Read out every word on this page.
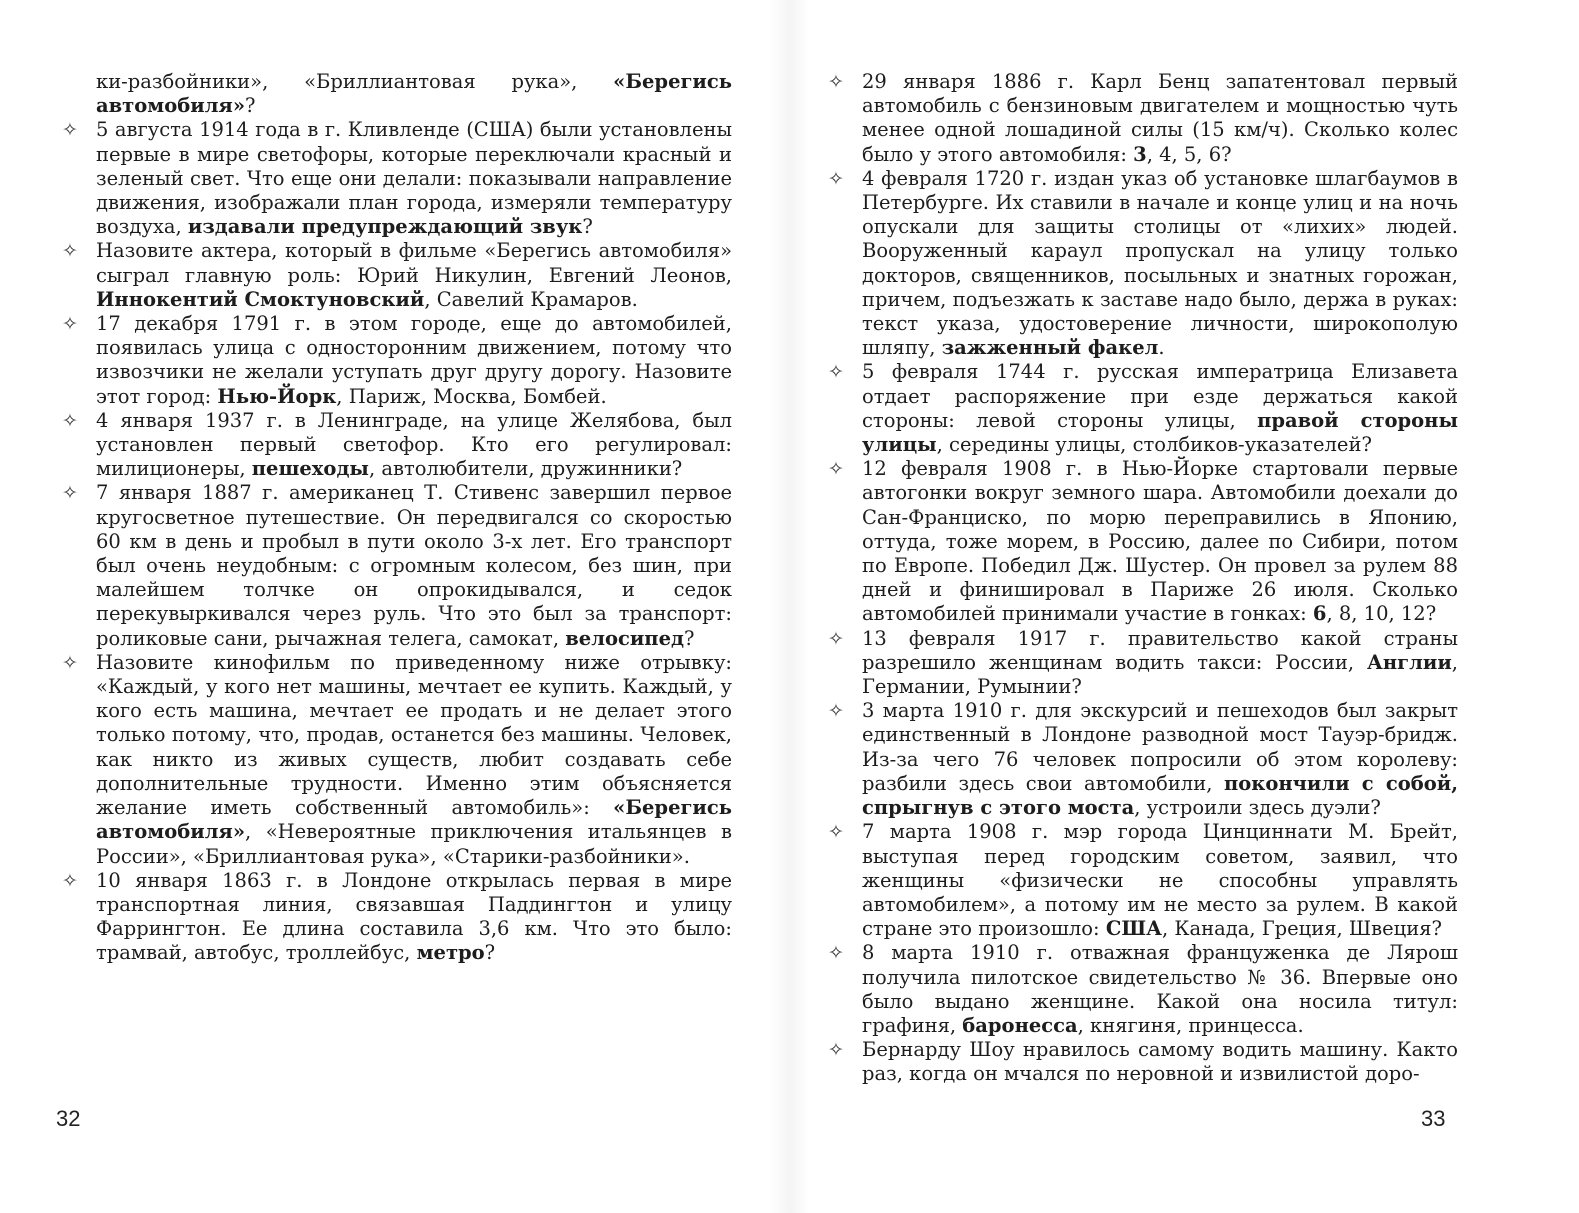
ки-разбойники», «Бриллиантовая рука», «Берегись автомобиля»?

✧ 5 августа 1914 года в г. Кливленде (США) были установлены первые в мире светофоры, которые переключали красный и зеленый свет. Что еще они делали: показывали направление движения, изображали план города, измеряли температуру воздуха, издавали предупреждающий звук?

✧ Назовите актера, который в фильме «Берегись автомобиля» сыграл главную роль: Юрий Никулин, Евгений Леонов, Иннокентий Смоктуновский, Савелий Крамаров.

✧ 17 декабря 1791 г. в этом городе, еще до автомобилей, появилась улица с односторонним движением, потому что извозчики не желали уступать друг другу дорогу. Назовите этот город: Нью-Йорк, Париж, Москва, Бомбей.

✧ 4 января 1937 г. в Ленинграде, на улице Желябова, был установлен первый светофор. Кто его регулировал: милиционеры, пешеходы, автолюбители, дружинники?

✧ 7 января 1887 г. американец Т. Стивенс завершил первое кругосветное путешествие. Он передвигался со скоростью 60 км в день и пробыл в пути около 3-х лет. Его транспорт был очень неудобным: с огромным колесом, без шин, при малейшем толчке он опрокидывался, и седок перекувыркивался через руль. Что это был за транспорт: роликовые сани, рычажная телега, самокат, велосипед?

✧ Назовите кинофильм по приведенному ниже отрывку: «Каждый, у кого нет машины, мечтает ее купить. Каждый, у кого есть машина, мечтает ее продать и не делает этого только потому, что, продав, останется без машины. Человек, как никто из живых существ, любит создавать себе дополнительные трудности. Именно этим объясняется желание иметь собственный автомобиль»: «Берегись автомобиля», «Невероятные приключения итальянцев в России», «Бриллиантовая рука», «Старики-разбойники».

✧ 10 января 1863 г. в Лондоне открылась первая в мире транспортная линия, связавшая Паддингтон и улицу Фаррингтон. Ее длина составила 3,6 км. Что это было: трамвай, автобус, троллейбус, метро?

✧ 29 января 1886 г. Карл Бенц запатентовал первый автомобиль с бензиновым двигателем и мощностью чуть менее одной лошадиной силы (15 км/ч). Сколько колес было у этого автомобиля: 3, 4, 5, 6?

✧ 4 февраля 1720 г. издан указ об установке шлагбаумов в Петербурге. Их ставили в начале и конце улиц и на ночь опускали для защиты столицы от «лихих» людей. Вооруженный караул пропускал на улицу только докторов, священников, посыльных и знатных горожан, причем, подъезжать к заставе надо было, держа в руках: текст указа, удостоверение личности, широкополую шляпу, зажженный факел.

✧ 5 февраля 1744 г. русская императрица Елизавета отдает распоряжение при езде держаться какой стороны: левой стороны улицы, правой стороны улицы, середины улицы, столбиков-указателей?

✧ 12 февраля 1908 г. в Нью-Йорке стартовали первые автогонки вокруг земного шара. Автомобили доехали до Сан-Франциско, по морю переправились в Японию, оттуда, тоже морем, в Россию, далее по Сибири, потом по Европе. Победил Дж. Шустер. Он провел за рулем 88 дней и финишировал в Париже 26 июля. Сколько автомобилей принимали участие в гонках: 6, 8, 10, 12?

✧ 13 февраля 1917 г. правительство какой страны разрешило женщинам водить такси: России, Англии, Германии, Румынии?

✧ 3 марта 1910 г. для экскурсий и пешеходов был закрыт единственный в Лондоне разводной мост Тауэр-бридж. Из-за чего 76 человек попросили об этом королеву: разбили здесь свои автомобили, покончили с собой, спрыгнув с этого моста, устроили здесь дуэли?

✧ 7 марта 1908 г. мэр города Цинциннати М. Брейт, выступая перед городским советом, заявил, что женщины «физически не способны управлять автомобилем», а потому им не место за рулем. В какой стране это произошло: США, Канада, Греция, Швеция?

✧ 8 марта 1910 г. отважная француженка де Лярош получила пилотское свидетельство № 36. Впервые оно было выдано женщине. Какой она носила титул: графиня, баронесса, княгиня, принцесса.

✧ Бернарду Шоу нравилось самому водить машину. Както раз, когда он мчался по неровной и извилистой доро-

32	33
